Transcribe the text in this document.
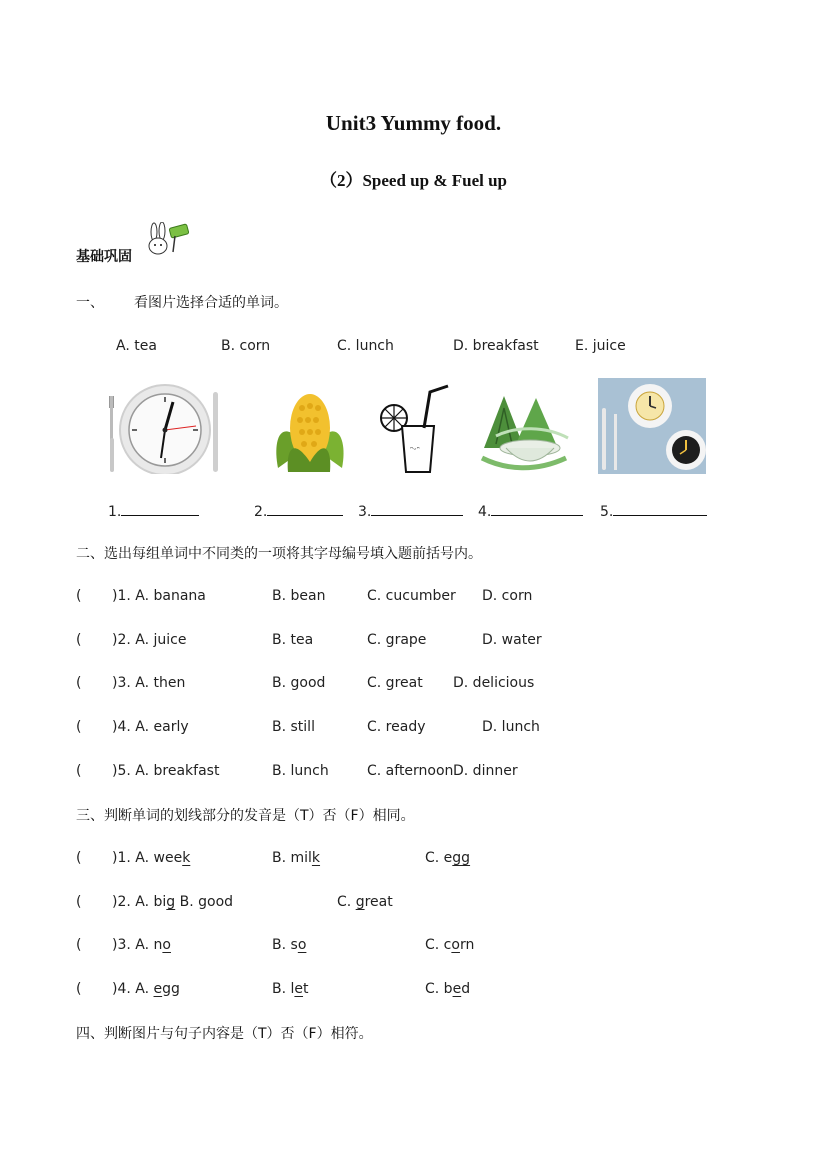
Unit3 Yummy food.
（2）Speed up & Fuel up
基础巩固
一、 看图片选择合适的单词。
A. tea	B. corn	C. lunch	D. breakfast	E. juice
ᵔᵕᵔ
1.	2.	3.	4.	5.
二、选出每组单词中不同类的一项将其字母编号填入题前括号内。
( )1. A. banana	B. bean	C. cucumber D. corn
( )2. A. juice	B. tea	C. grape	D. water
( )3. A. then	B. good	C. great D. delicious
( )4. A. early	B. still	C. ready	D. lunch
( )5. A. breakfast	B. lunch	C. afternoon D. dinner
三、判断单词的划线部分的发音是（T）否（F）相同。
( )1. A. week	B. milk	C. egg
( )2. A. big B. good	C. great
( )3. A. no	B. so	C. corn
( )4. A. egg	B. let	C. bed
四、判断图片与句子内容是（T）否（F）相符。
